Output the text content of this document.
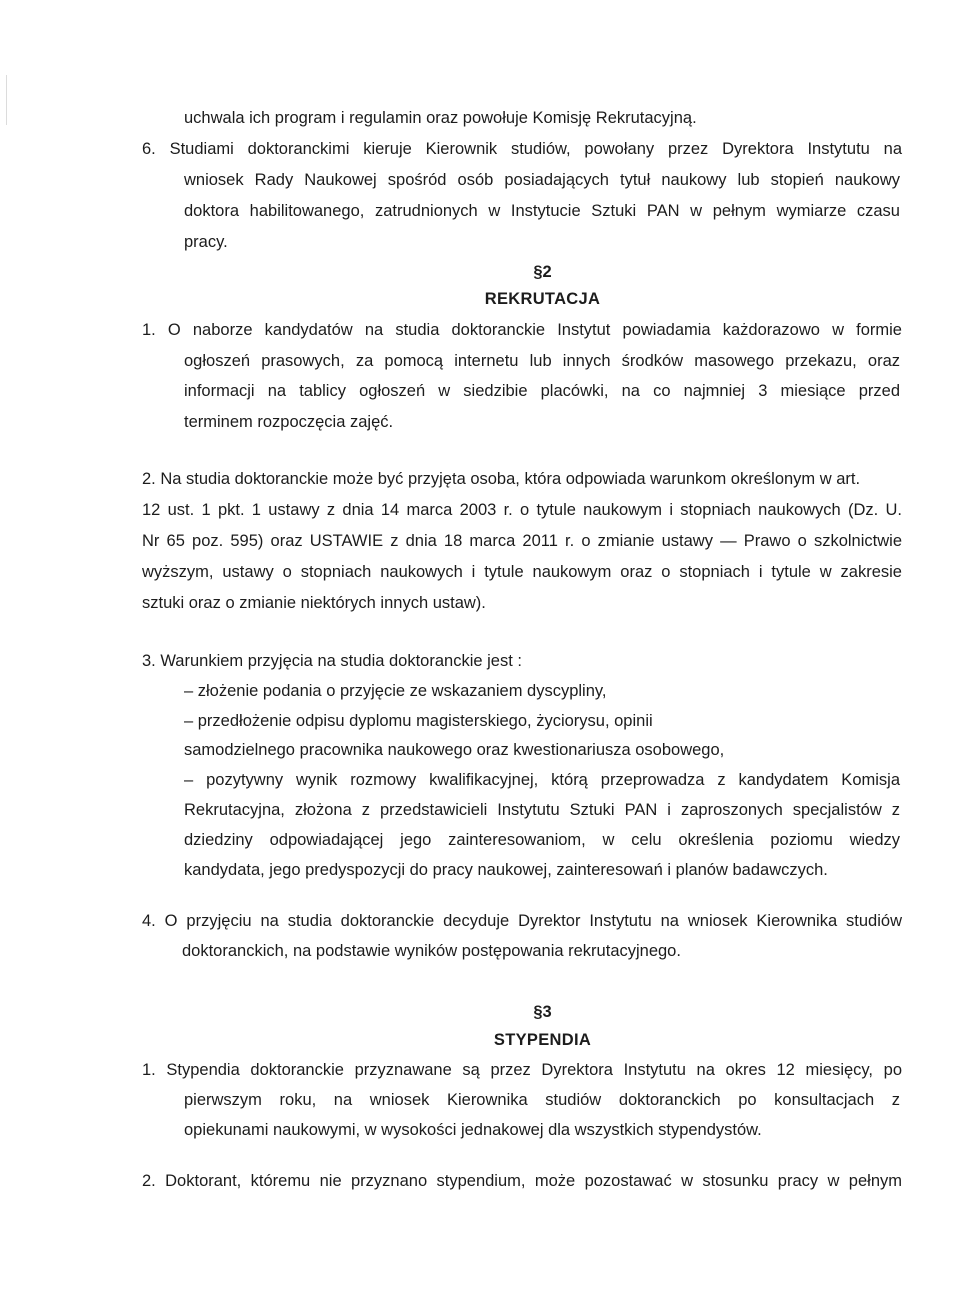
uchwala ich program i regulamin oraz powołuje Komisję Rekrutacyjną.
6. Studiami doktoranckimi kieruje Kierownik studiów, powołany przez Dyrektora Instytutu na
wniosek Rady Naukowej spośród osób posiadających tytuł naukowy lub stopień naukowy
doktora habilitowanego, zatrudnionych w Instytucie Sztuki PAN w pełnym wymiarze czasu
pracy.
§2
REKRUTACJA
1. O naborze kandydatów na studia doktoranckie Instytut powiadamia każdorazowo w formie
ogłoszeń prasowych, za pomocą internetu lub innych środków masowego przekazu, oraz
informacji na tablicy ogłoszeń w siedzibie placówki, na co najmniej 3 miesiące przed
terminem rozpoczęcia zajęć.
2. Na studia doktoranckie może być przyjęta osoba, która odpowiada warunkom określonym w art.
12 ust. 1 pkt. 1 ustawy z dnia 14 marca 2003 r. o tytule naukowym i stopniach naukowych (Dz. U.
Nr 65 poz. 595) oraz USTAWIE z dnia 18 marca 2011 r. o zmianie ustawy — Prawo o szkolnictwie
wyższym, ustawy o stopniach naukowych i tytule naukowym oraz o stopniach i tytule w zakresie
sztuki oraz o zmianie niektórych innych ustaw).
3. Warunkiem przyjęcia na studia doktoranckie jest :
– złożenie podania o przyjęcie ze wskazaniem dyscypliny,
– przedłożenie odpisu dyplomu magisterskiego, życiorysu, opinii
samodzielnego pracownika naukowego oraz kwestionariusza osobowego,
– pozytywny wynik rozmowy kwalifikacyjnej, którą przeprowadza z kandydatem Komisja
Rekrutacyjna, złożona z przedstawicieli Instytutu Sztuki PAN i zaproszonych specjalistów z
dziedziny odpowiadającej jego zainteresowaniom, w celu określenia poziomu wiedzy
kandydata, jego predyspozycji do pracy naukowej, zainteresowań i planów badawczych.
4. O przyjęciu na studia doktoranckie decyduje Dyrektor Instytutu na wniosek Kierownika studiów
doktoranckich, na podstawie wyników postępowania rekrutacyjnego.
§3
STYPENDIA
1. Stypendia doktoranckie przyznawane są przez Dyrektora Instytutu na okres 12 miesięcy, po
pierwszym roku, na wniosek Kierownika studiów doktoranckich po konsultacjach z
opiekunami naukowymi, w wysokości jednakowej dla wszystkich stypendystów.
2. Doktorant, któremu nie przyznano stypendium, może pozostawać w stosunku pracy w pełnym
